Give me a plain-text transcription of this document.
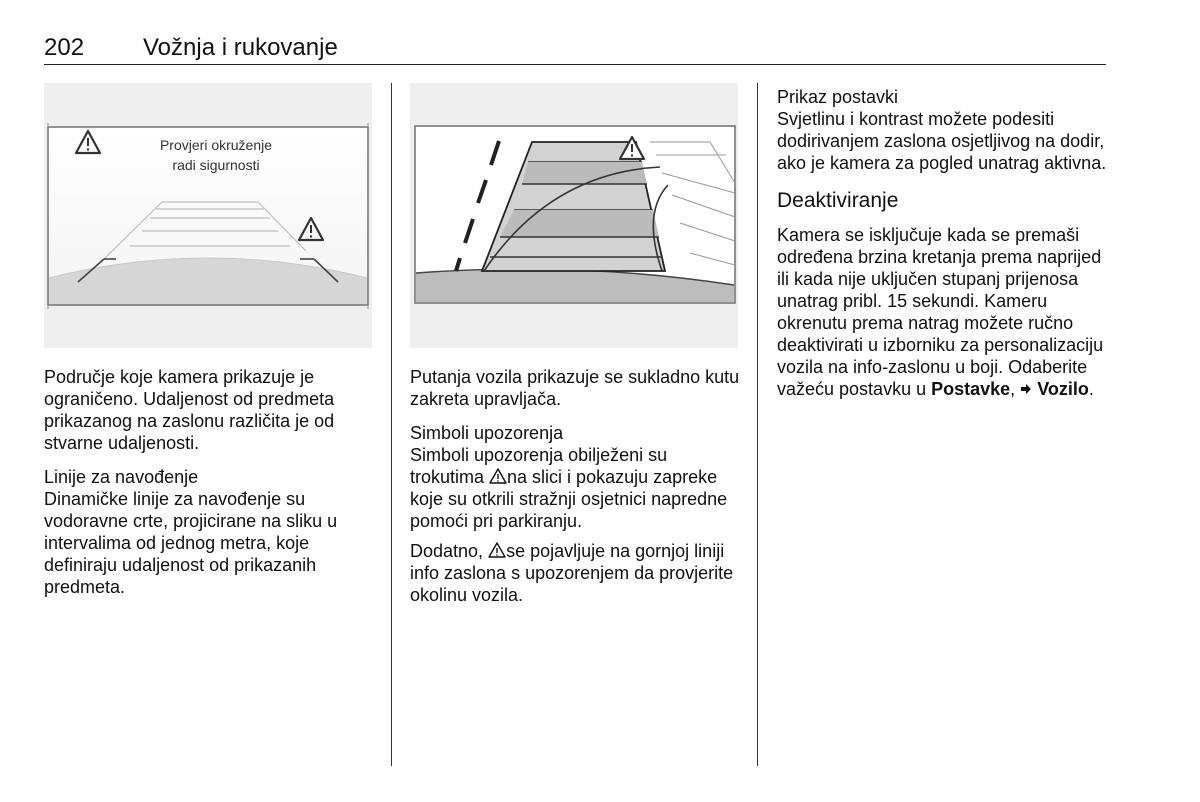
202 Vožnja i rukovanje
Provjeri okruženje
radi sigurnosti

Područje koje kamera prikazuje je ograničeno. Udaljenost od predmeta prikazanog na zaslonu različita je od stvarne udaljenosti.

Linije za navođenje

Dinamičke linije za navođenje su vodoravne crte, projicirane na sliku u intervalima od jednog metra, koje definiraju udaljenost od prikazanih predmeta.

Putanja vozila prikazuje se sukladno kutu zakreta upravljača.

Simboli upozorenja

Simboli upozorenja obilježeni su trokutima na slici i pokazuju zapreke koje su otkrili stražnji osjetnici napredne pomoći pri parkiranju.

Dodatno, se pojavljuje na gornjoj liniji info zaslona s upozorenjem da provjerite okolinu vozila.

Prikaz postavki

Svjetlinu i kontrast možete podesiti dodirivanjem zaslona osjetljivog na dodir, ako je kamera za pogled unatrag aktivna.

Deaktiviranje

Kamera se isključuje kada se premaši određena brzina kretanja prema naprijed ili kada nije uključen stupanj prijenosa unatrag pribl. 15 sekundi. Kameru okrenutu prema natrag možete ručno deaktivirati u izborniku za personalizaciju vozila na info-zaslonu u boji. Odaberite važeću postavku u Postavke,  Vozilo.
